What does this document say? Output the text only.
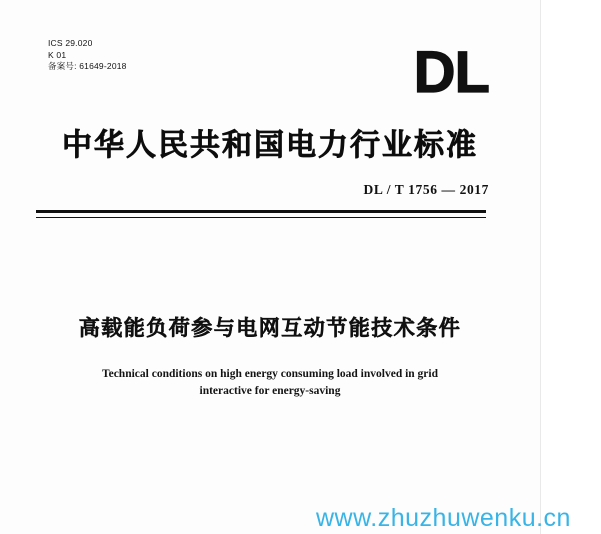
ICS 29.020
K 01
备案号: 61649-2018	DL
中华人民共和国电力行业标准
DL / T 1756 — 2017
高载能负荷参与电网互动节能技术条件
Technical conditions on high energy consuming load involved in grid
interactive for energy-saving
www.zhuzhuwenku.cn
